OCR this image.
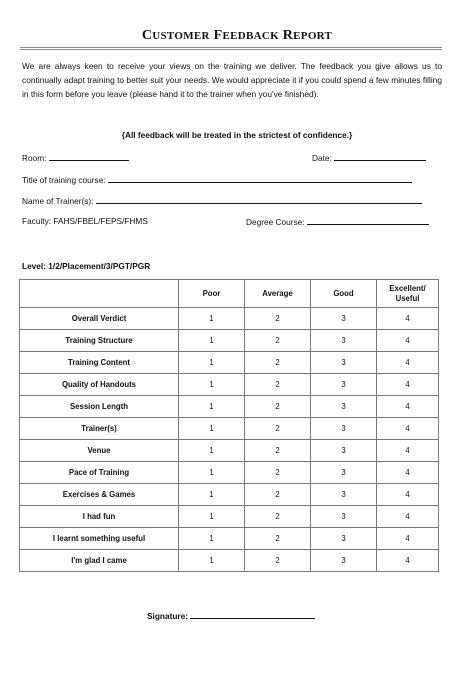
CUSTOMER FEEDBACK REPORT
We are always keen to receive your views on the training we deliver. The feedback you give allows us to continually adapt training to better suit your needs. We would appreciate it if you could spend a few minutes filling in this form before you leave (please hand it to the trainer when you've finished).
{All feedback will be treated in the strictest of confidence.}
Room:	Date:
Title of training course:
Name of Trainer(s):
Faculty: FAHS/FBEL/FEPS/FHMS	Degree Course:
Level: 1/2/Placement/3/PGT/PGR
	Poor	Average	Good	Excellent/
Useful
Overall Verdict	1	2	3	4
Training Structure	1	2	3	4
Training Content	1	2	3	4
Quality of Handouts	1	2	3	4
Session Length	1	2	3	4
Trainer(s)	1	2	3	4
Venue	1	2	3	4
Pace of Training	1	2	3	4
Exercises & Games	1	2	3	4
I had fun	1	2	3	4
I learnt something useful	1	2	3	4
I'm glad I came	1	2	3	4
Signature:
